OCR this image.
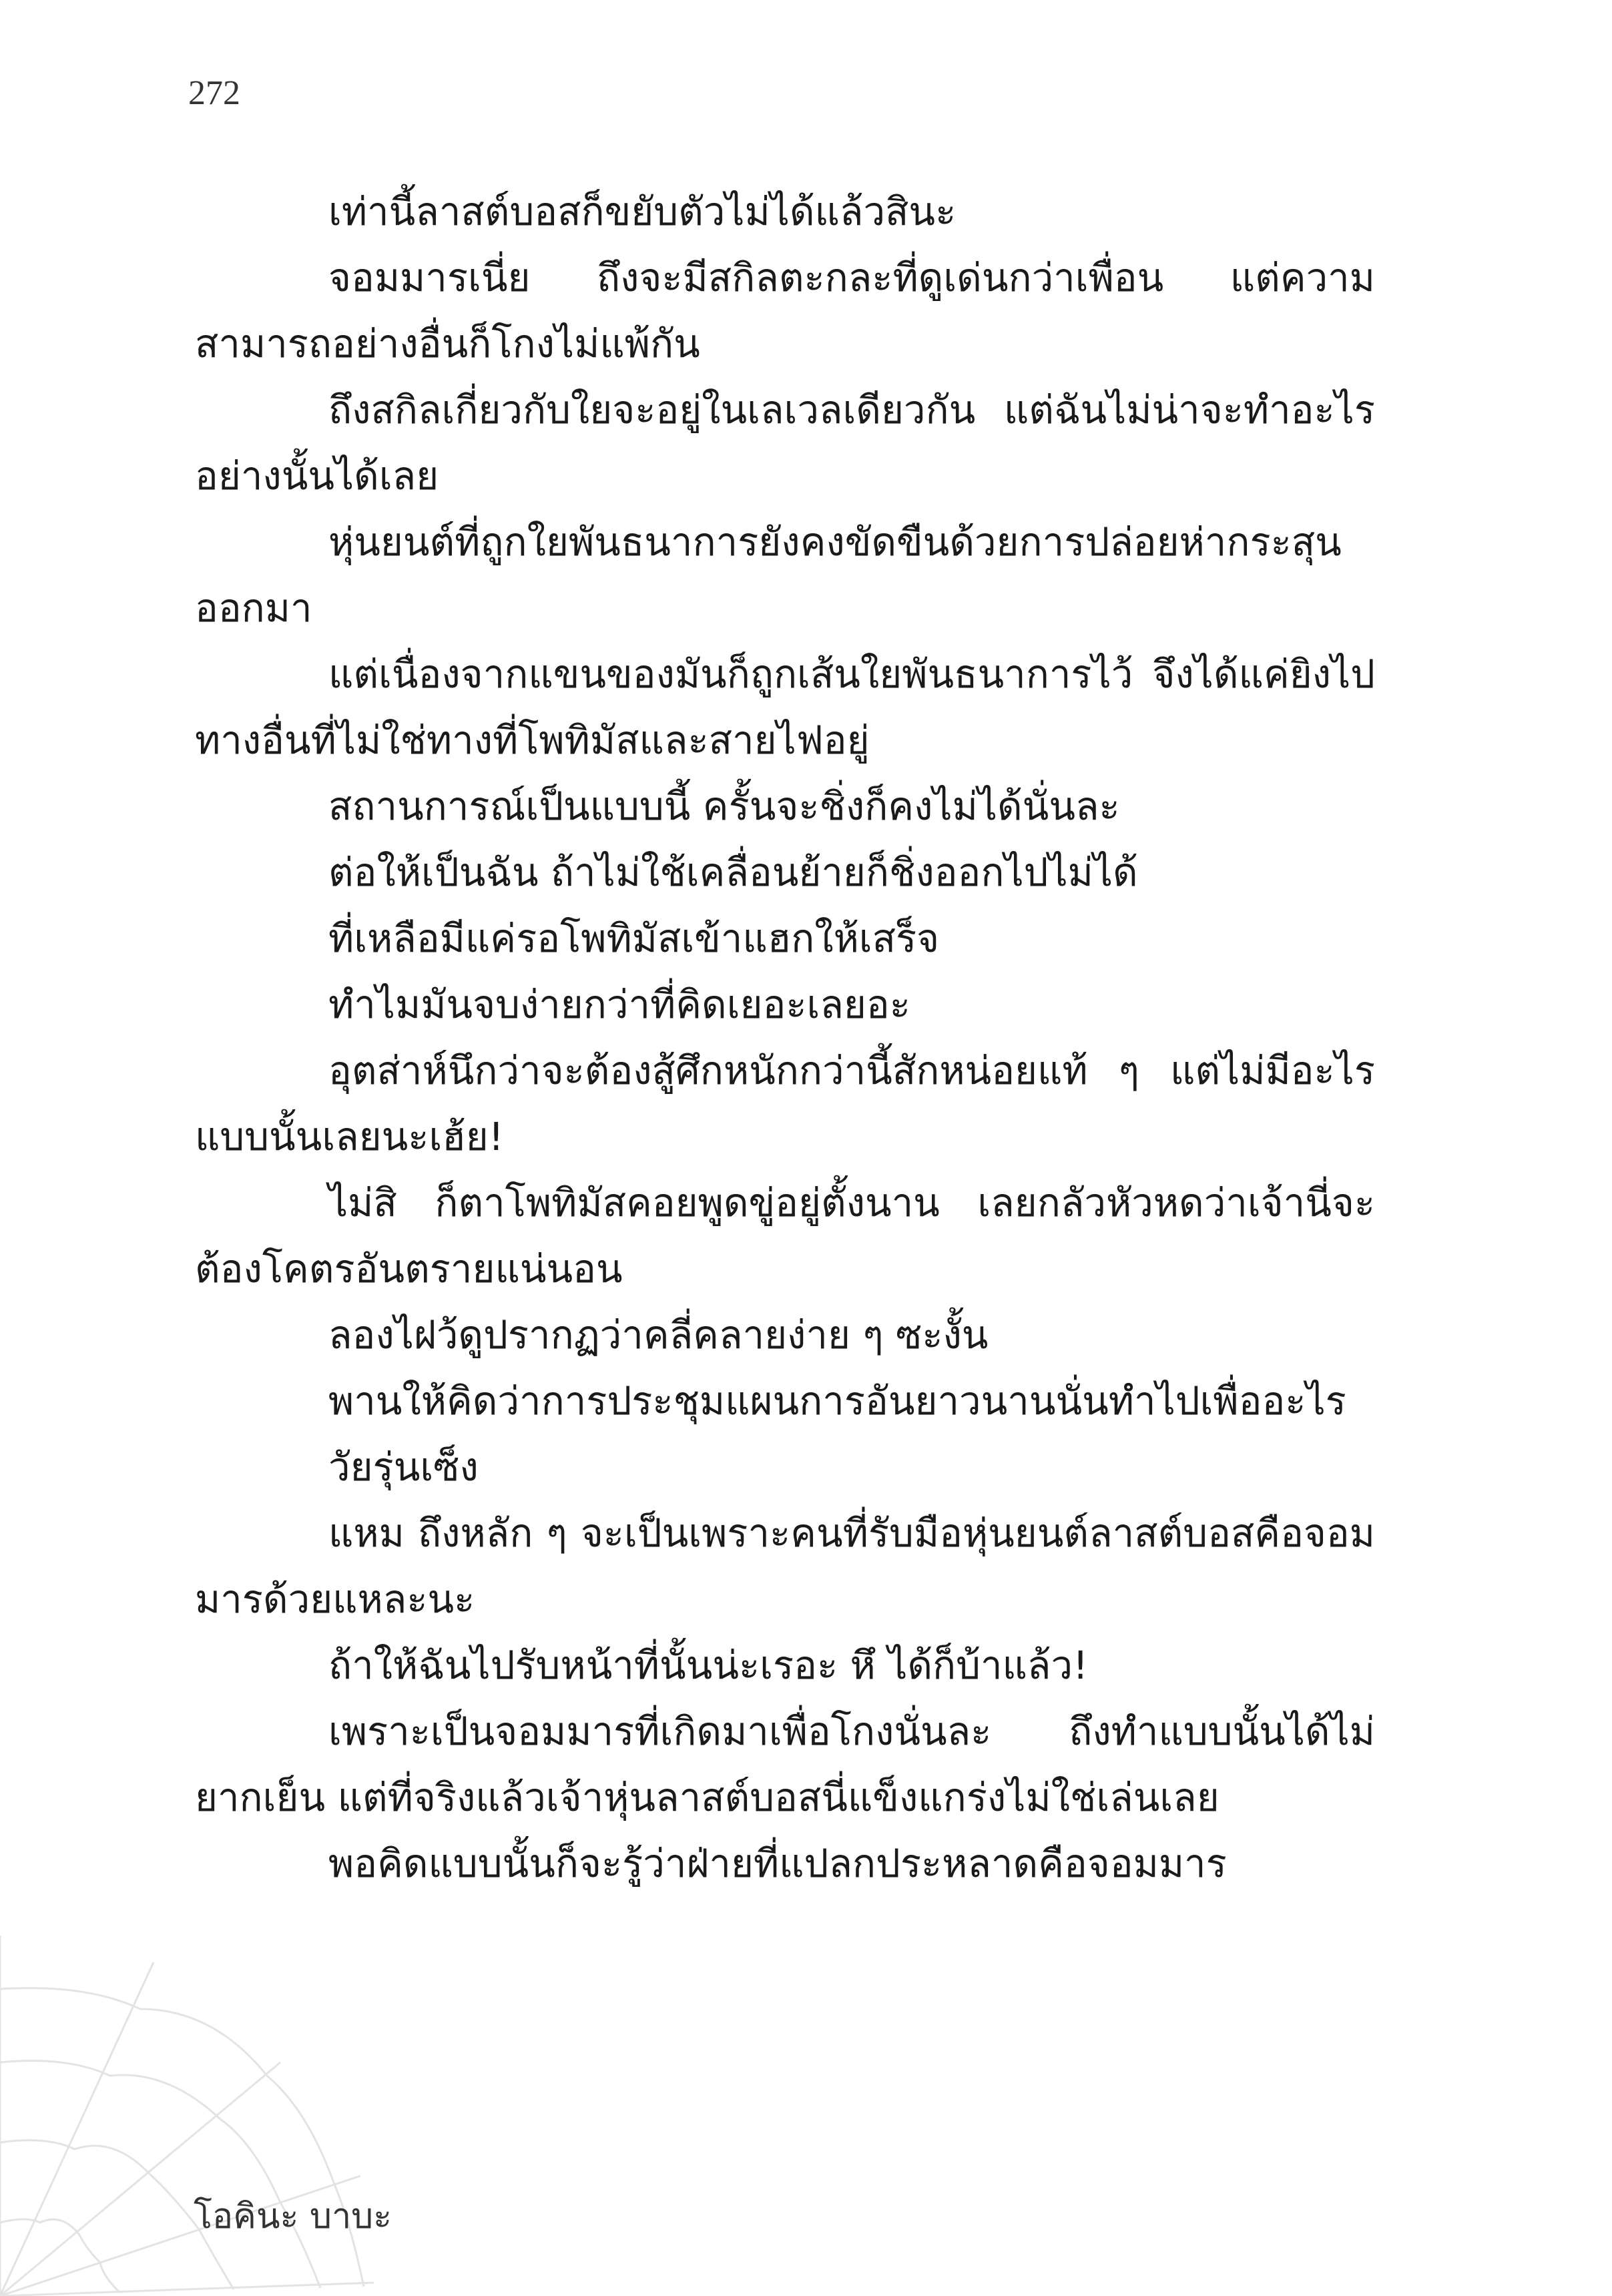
272

เท่านี้ลาสต์บอสก็ขยับตัวไม่ได้แล้วสินะ

จอมมารเนี่ย ถึงจะมีสกิลตะกละที่ดูเด่นกว่าเพื่อน แต่ความสามารถอย่างอื่นก็โกงไม่แพ้กัน

ถึงสกิลเกี่ยวกับใยจะอยู่ในเลเวลเดียวกัน แต่ฉันไม่น่าจะทำอะไรอย่างนั้นได้เลย

หุ่นยนต์ที่ถูกใยพันธนาการยังคงขัดขืนด้วยการปล่อยห่ากระสุนออกมา

แต่เนื่องจากแขนของมันก็ถูกเส้นใยพันธนาการไว้ จึงได้แค่ยิงไปทางอื่นที่ไม่ใช่ทางที่โพทิมัสและสายไฟอยู่

สถานการณ์เป็นแบบนี้ ครั้นจะชิ่งก็คงไม่ได้นั่นละ

ต่อให้เป็นฉัน ถ้าไม่ใช้เคลื่อนย้ายก็ชิ่งออกไปไม่ได้

ที่เหลือมีแค่รอโพทิมัสเข้าแฮกให้เสร็จ

ทำไมมันจบง่ายกว่าที่คิดเยอะเลยอะ

อุตส่าห์นึกว่าจะต้องสู้ศึกหนักกว่านี้สักหน่อยแท้ ๆ แต่ไม่มีอะไรแบบนั้นเลยนะเฮ้ย!

ไม่สิ ก็ตาโพทิมัสคอยพูดขู่อยู่ตั้งนาน เลยกลัวหัวหดว่าเจ้านี่จะต้องโคตรอันตรายแน่นอน

ลองไฝว้ดูปรากฏว่าคลี่คลายง่าย ๆ ซะงั้น

พานให้คิดว่าการประชุมแผนการอันยาวนานนั่นทำไปเพื่ออะไร

วัยรุ่นเซ็ง

แหม ถึงหลัก ๆ จะเป็นเพราะคนที่รับมือหุ่นยนต์ลาสต์บอสคือจอมมารด้วยแหละนะ

ถ้าให้ฉันไปรับหน้าที่นั้นน่ะเรอะ หึ ได้ก็บ้าแล้ว!

เพราะเป็นจอมมารที่เกิดมาเพื่อโกงนั่นละ ถึงทำแบบนั้นได้ไม่ยากเย็น แต่ที่จริงแล้วเจ้าหุ่นลาสต์บอสนี่แข็งแกร่งไม่ใช่เล่นเลย

พอคิดแบบนั้นก็จะรู้ว่าฝ่ายที่แปลกประหลาดคือจอมมาร

โอคินะ บาบะ
